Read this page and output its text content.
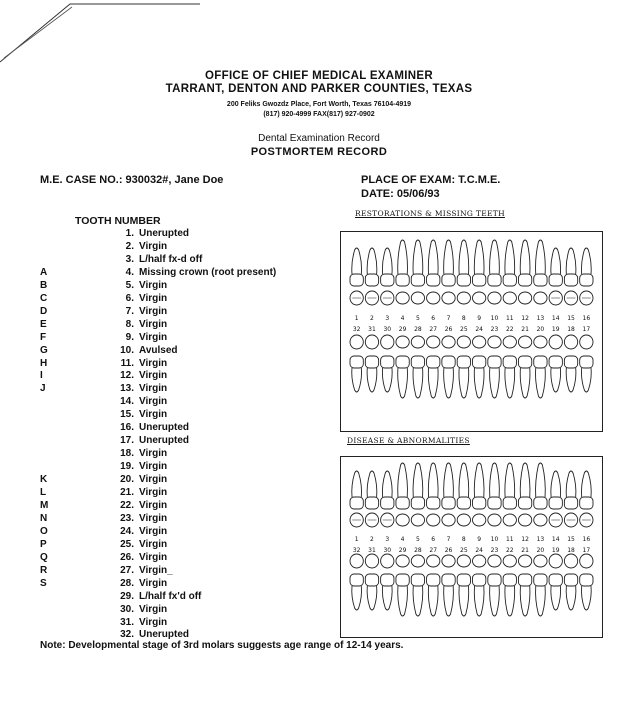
OFFICE OF CHIEF MEDICAL EXAMINER
TARRANT, DENTON AND PARKER COUNTIES, TEXAS
200 Feliks Gwozdz Place, Fort Worth, Texas 76104-4919
(817) 920-4999 FAX(817) 927-0902
Dental Examination Record
POSTMORTEM RECORD
M.E. CASE NO.: 930032#, Jane Doe	PLACE OF EXAM: T.C.M.E.
DATE: 05/06/93
TOOTH NUMBER
1. Unerupted
2. Virgin
3. L/half fx-d off
A	4. Missing crown (root present)
B	5. Virgin
C	6. Virgin
D	7. Virgin
E	8. Virgin
F	9. Virgin
G	10. Avulsed
H	11. Virgin
I	12. Virgin
J	13. Virgin
14. Virgin
15. Virgin
16. Unerupted
17. Unerupted
18. Virgin
19. Virgin
K	20. Virgin
L	21. Virgin
M	22. Virgin
N	23. Virgin
O	24. Virgin
P	25. Virgin
Q	26. Virgin
R	27. Virgin_
S	28. Virgin
29. L/half fx'd off
30. Virgin
31. Virgin
32. Unerupted
Note: Developmental stage of 3rd molars suggests age range of 12-14 years.
RESTORATIONS & MISSING TEETH
1
32
2
31
3
30
4
29
5
28
6
27
7
26
8
25
9
24
10
23
11
22
12
21
13
20
14
19
15
18
16
17
DISEASE & ABNORMALITIES
1
32
2
31
3
30
4
29
5
28
6
27
7
26
8
25
9
24
10
23
11
22
12
21
13
20
14
19
15
18
16
17
